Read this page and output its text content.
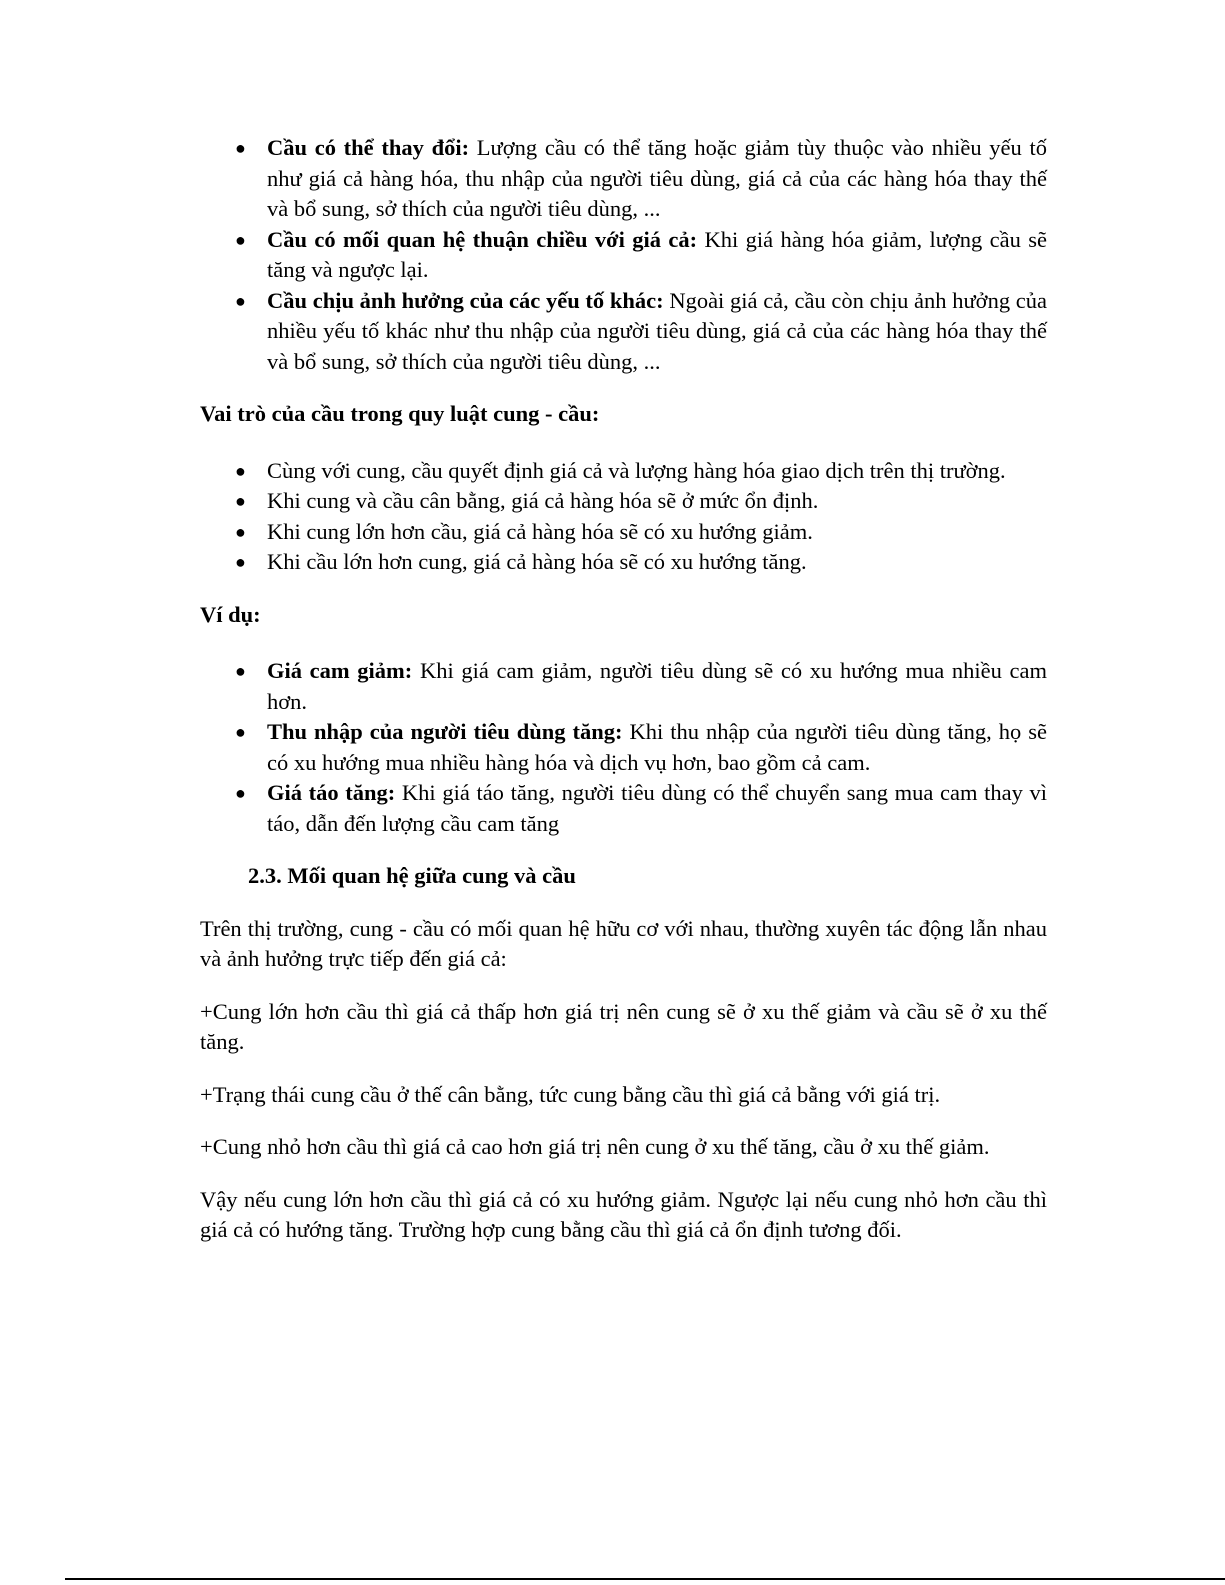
● Cầu có thể thay đổi: Lượng cầu có thể tăng hoặc giảm tùy thuộc vào nhiều yếu tố như giá cả hàng hóa, thu nhập của người tiêu dùng, giá cả của các hàng hóa thay thế và bổ sung, sở thích của người tiêu dùng, ...
● Cầu có mối quan hệ thuận chiều với giá cả: Khi giá hàng hóa giảm, lượng cầu sẽ tăng và ngược lại.
● Cầu chịu ảnh hưởng của các yếu tố khác: Ngoài giá cả, cầu còn chịu ảnh hưởng của nhiều yếu tố khác như thu nhập của người tiêu dùng, giá cả của các hàng hóa thay thế và bổ sung, sở thích của người tiêu dùng, ...

Vai trò của cầu trong quy luật cung - cầu:

● Cùng với cung, cầu quyết định giá cả và lượng hàng hóa giao dịch trên thị trường.
● Khi cung và cầu cân bằng, giá cả hàng hóa sẽ ở mức ổn định.
● Khi cung lớn hơn cầu, giá cả hàng hóa sẽ có xu hướng giảm.
● Khi cầu lớn hơn cung, giá cả hàng hóa sẽ có xu hướng tăng.

Ví dụ:

● Giá cam giảm: Khi giá cam giảm, người tiêu dùng sẽ có xu hướng mua nhiều cam hơn.
● Thu nhập của người tiêu dùng tăng: Khi thu nhập của người tiêu dùng tăng, họ sẽ có xu hướng mua nhiều hàng hóa và dịch vụ hơn, bao gồm cả cam.
● Giá táo tăng: Khi giá táo tăng, người tiêu dùng có thể chuyển sang mua cam thay vì táo, dẫn đến lượng cầu cam tăng

2.3. Mối quan hệ giữa cung và cầu

Trên thị trường, cung - cầu có mối quan hệ hữu cơ với nhau, thường xuyên tác động lẫn nhau và ảnh hưởng trực tiếp đến giá cả:

+Cung lớn hơn cầu thì giá cả thấp hơn giá trị nên cung sẽ ở xu thế giảm và cầu sẽ ở xu thế tăng.

+Trạng thái cung cầu ở thế cân bằng, tức cung bằng cầu thì giá cả bằng với giá trị.

+Cung nhỏ hơn cầu thì giá cả cao hơn giá trị nên cung ở xu thế tăng, cầu ở xu thế giảm.

Vậy nếu cung lớn hơn cầu thì giá cả có xu hướng giảm. Ngược lại nếu cung nhỏ hơn cầu thì giá cả có hướng tăng. Trường hợp cung bằng cầu thì giá cả ổn định tương đối.
